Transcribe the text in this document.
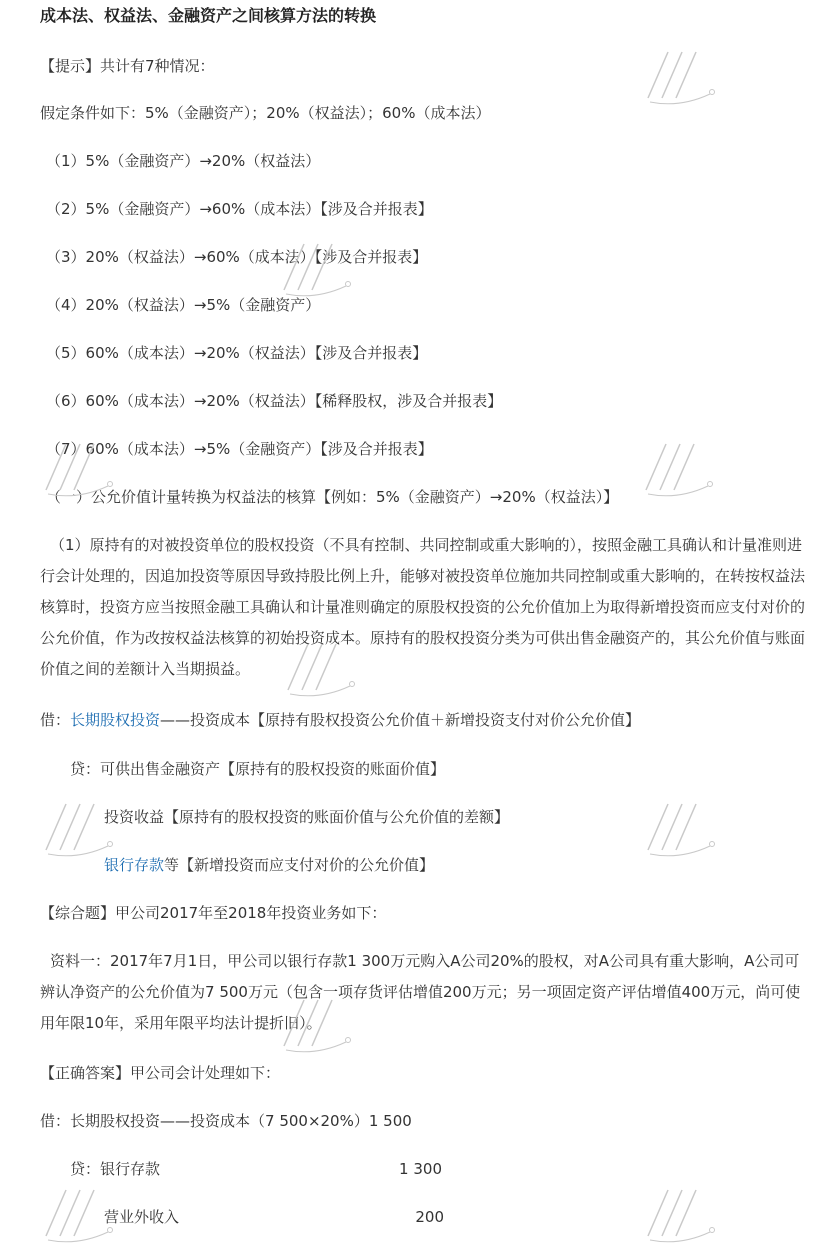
成本法、权益法、金融资产之间核算方法的转换
【提示】共计有7种情况：
假定条件如下：5%（金融资产）；20%（权益法）；60%（成本法）
（1）5%（金融资产）→20%（权益法）
（2）5%（金融资产）→60%（成本法）【涉及合并报表】
（3）20%（权益法）→60%（成本法）【涉及合并报表】
（4）20%（权益法）→5%（金融资产）
（5）60%（成本法）→20%（权益法）【涉及合并报表】
（6）60%（成本法）→20%（权益法）【稀释股权，涉及合并报表】
（7）60%（成本法）→5%（金融资产）【涉及合并报表】
（一）公允价值计量转换为权益法的核算【例如：5%（金融资产）→20%（权益法）】
（1）原持有的对被投资单位的股权投资（不具有控制、共同控制或重大影响的），按照金融工具确认和计量准则进行会计处理的，因追加投资等原因导致持股比例上升，能够对被投资单位施加共同控制或重大影响的，在转按权益法核算时，投资方应当按照金融工具确认和计量准则确定的原股权投资的公允价值加上为取得新增投资而应支付对价的公允价值，作为改按权益法核算的初始投资成本。原持有的股权投资分类为可供出售金融资产的，其公允价值与账面价值之间的差额计入当期损益。
借：长期股权投资——投资成本【原持有股权投资公允价值＋新增投资支付对价公允价值】
贷：可供出售金融资产【原持有的股权投资的账面价值】
投资收益【原持有的股权投资的账面价值与公允价值的差额】
银行存款等【新增投资而应支付对价的公允价值】
【综合题】甲公司2017年至2018年投资业务如下：
资料一：2017年7月1日，甲公司以银行存款1 300万元购入A公司20%的股权，对A公司具有重大影响，A公司可辨认净资产的公允价值为7 500万元（包含一项存货评估增值200万元；另一项固定资产评估增值400万元，尚可使用年限10年，采用年限平均法计提折旧）。
【正确答案】甲公司会计处理如下：
借：长期股权投资——投资成本（7 500×20%）1 500
贷：银行存款	1 300
营业外收入	200
